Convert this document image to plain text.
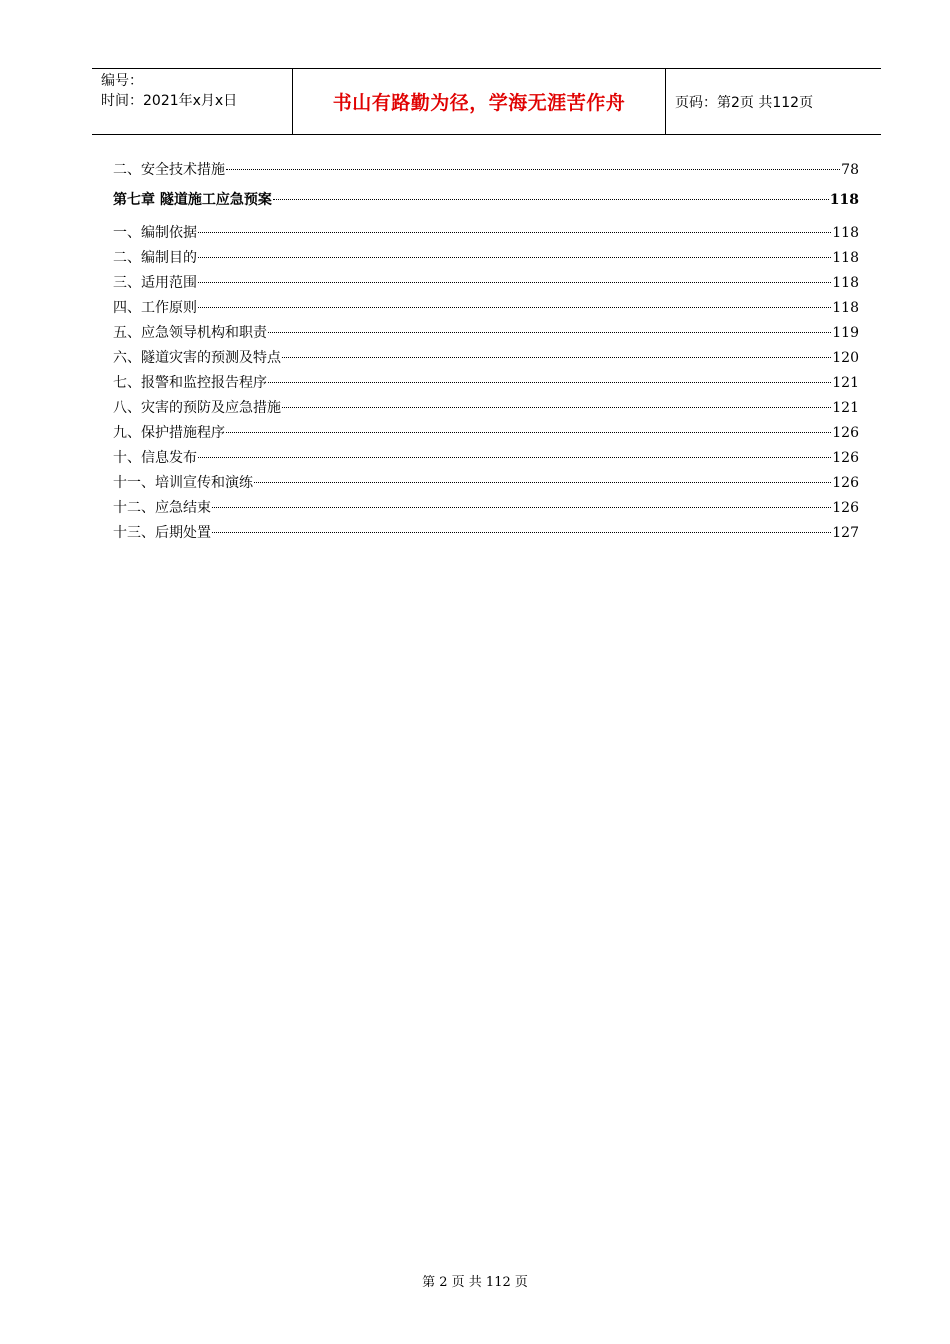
编号：
时间：2021年x月x日	书山有路勤为径，学海无涯苦作舟	页码：第2页 共112页
二、安全技术措施	78
第七章 隧道施工应急预案	118
一、编制依据	118
二、编制目的	118
三、适用范围	118
四、工作原则	118
五、应急领导机构和职责	119
六、隧道灾害的预测及特点	120
七、报警和监控报告程序	121
八、灾害的预防及应急措施	121
九、保护措施程序	126
十、信息发布	126
十一、培训宣传和演练	126
十二、应急结束	126
十三、后期处置	127
第 2 页 共 112 页
